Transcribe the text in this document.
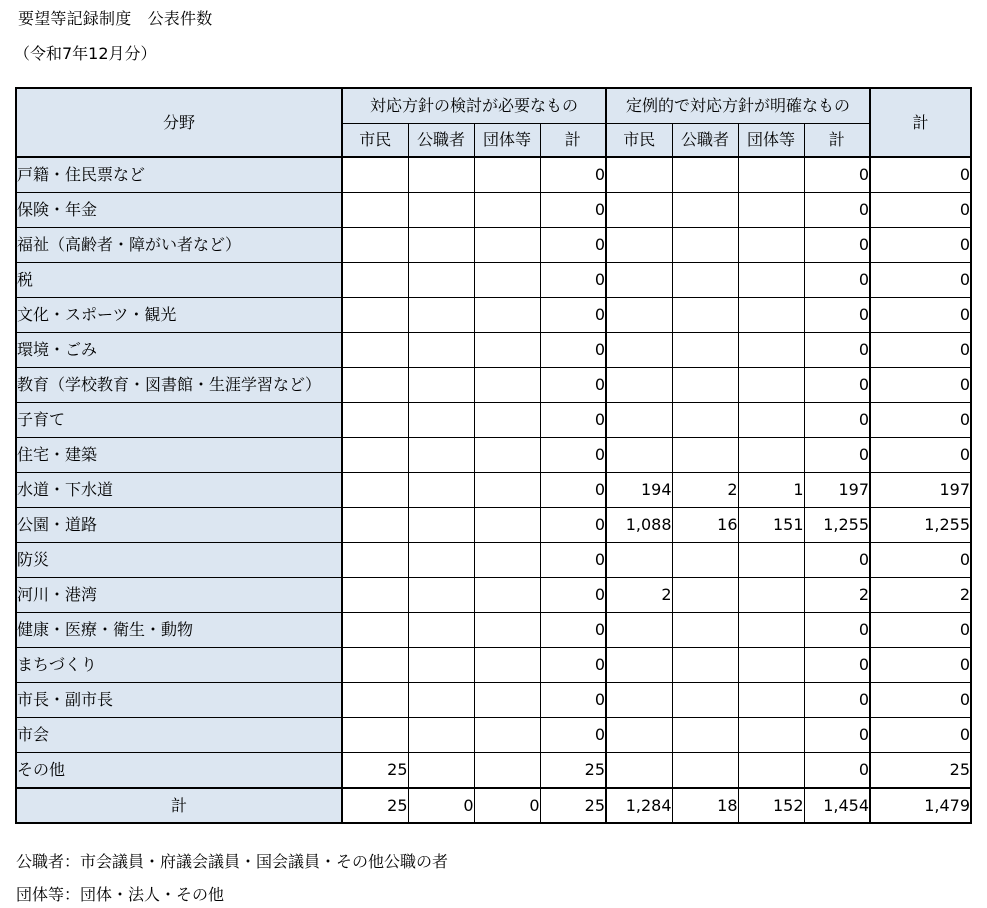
要望等記録制度　公表件数
（令和7年12月分）
分野	対応方針の検討が必要なもの				定例的で対応方針が明確なもの				計
	市民	公職者	団体等	計	市民	公職者	団体等	計	
戸籍・住民票など				0				0	0
保険・年金				0				0	0
福祉（高齢者・障がい者など）				0				0	0
税				0				0	0
文化・スポーツ・観光				0				0	0
環境・ごみ				0				0	0
教育（学校教育・図書館・生涯学習など）				0				0	0
子育て				0				0	0
住宅・建築				0				0	0
水道・下水道				0	194	2	1	197	197
公園・道路				0	1,088	16	151	1,255	1,255
防災				0				0	0
河川・港湾				0	2			2	2
健康・医療・衛生・動物				0				0	0
まちづくり				0				0	0
市長・副市長				0				0	0
市会				0				0	0
その他	25			25				0	25
計	25	0	0	25	1,284	18	152	1,454	1,479
公職者：市会議員・府議会議員・国会議員・その他公職の者
団体等：団体・法人・その他
